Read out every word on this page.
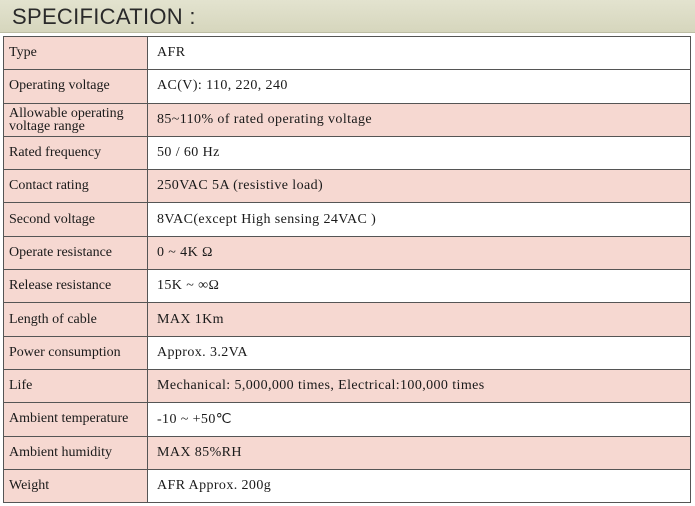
SPECIFICATION :
Type	AFR
Operating voltage	AC(V): 110, 220, 240
Allowable operating voltage range	85~110% of rated operating voltage
Rated frequency	50 / 60 Hz
Contact rating	250VAC 5A (resistive load)
Second voltage	8VAC(except High sensing 24VAC )
Operate resistance	0 ~ 4K Ω
Release resistance	15K ~ ∞Ω
Length of cable	MAX 1Km
Power consumption	Approx. 3.2VA
Life	Mechanical: 5,000,000 times, Electrical:100,000 times
Ambient temperature	-10 ~ +50℃
Ambient humidity	MAX 85%RH
Weight	AFR Approx. 200g
